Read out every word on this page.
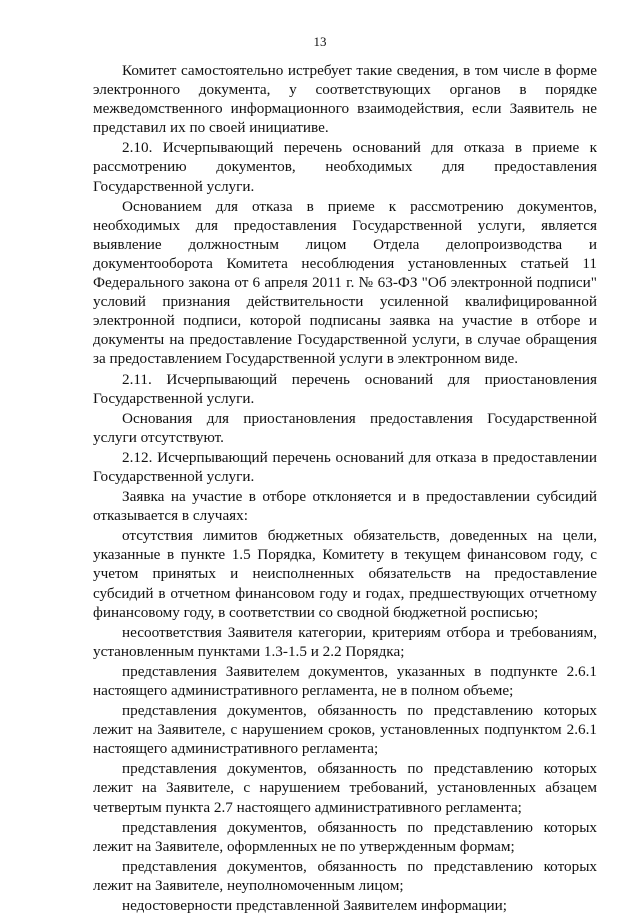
13

Комитет самостоятельно истребует такие сведения, в том числе в форме электронного документа, у соответствующих органов в порядке межведомственного информационного взаимодействия, если Заявитель не представил их по своей инициативе.

2.10. Исчерпывающий перечень оснований для отказа в приеме к рассмотрению документов, необходимых для предоставления Государственной услуги.

Основанием для отказа в приеме к рассмотрению документов, необходимых для предоставления Государственной услуги, является выявление должностным лицом Отдела делопроизводства и документооборота Комитета несоблюдения установленных статьей 11 Федерального закона от 6 апреля 2011 г. № 63-ФЗ "Об электронной подписи" условий признания действительности усиленной квалифицированной электронной подписи, которой подписаны заявка на участие в отборе и документы на предоставление Государственной услуги, в случае обращения за предоставлением Государственной услуги в электронном виде.

2.11. Исчерпывающий перечень оснований для приостановления Государственной услуги.

Основания для приостановления предоставления Государственной услуги отсутствуют.

2.12. Исчерпывающий перечень оснований для отказа в предоставлении Государственной услуги.

Заявка на участие в отборе отклоняется и в предоставлении субсидий отказывается в случаях:

отсутствия лимитов бюджетных обязательств, доведенных на цели, указанные в пункте 1.5 Порядка, Комитету в текущем финансовом году, с учетом принятых и неисполненных обязательств на предоставление субсидий в отчетном финансовом году и годах, предшествующих отчетному финансовому году, в соответствии со сводной бюджетной росписью;

несоответствия Заявителя категории, критериям отбора и требованиям, установленным пунктами 1.3-1.5 и 2.2 Порядка;

представления Заявителем документов, указанных в подпункте 2.6.1 настоящего административного регламента, не в полном объеме;

представления документов, обязанность по представлению которых лежит на Заявителе, с нарушением сроков, установленных подпунктом 2.6.1 настоящего административного регламента;

представления документов, обязанность по представлению которых лежит на Заявителе, с нарушением требований, установленных абзацем четвертым пункта 2.7 настоящего административного регламента;

представления документов, обязанность по представлению которых лежит на Заявителе, оформленных не по утвержденным формам;

представления документов, обязанность по представлению которых лежит на Заявителе, неуполномоченным лицом;

недостоверности представленной Заявителем информации;
